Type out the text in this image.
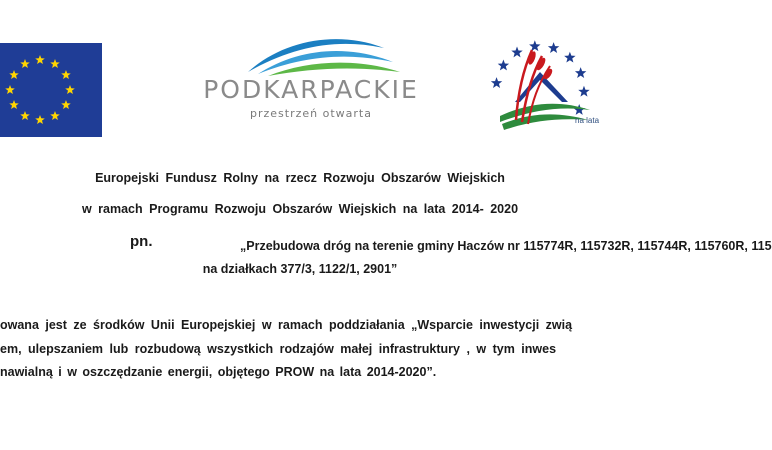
PODKARPACKIE
przestrzeń otwarta
na lata
Europejski Fundusz Rolny na rzecz Rozwoju Obszarów Wiejskich
w ramach Programu Rozwoju Obszarów Wiejskich na lata 2014- 2020
pn.	„Przebudowa dróg na terenie gminy Haczów nr 115774R, 115732R, 115744R, 115760R, 115
na działkach 377/3, 1122/1, 2901”
owana jest ze środków Unii Europejskiej w ramach poddziałania „Wsparcie inwestycji zwią
em, ulepszaniem lub rozbudową wszystkich rodzajów małej infrastruktury , w tym inwes
nawialną i w oszczędzanie energii, objętego PROW na lata 2014-2020”.
